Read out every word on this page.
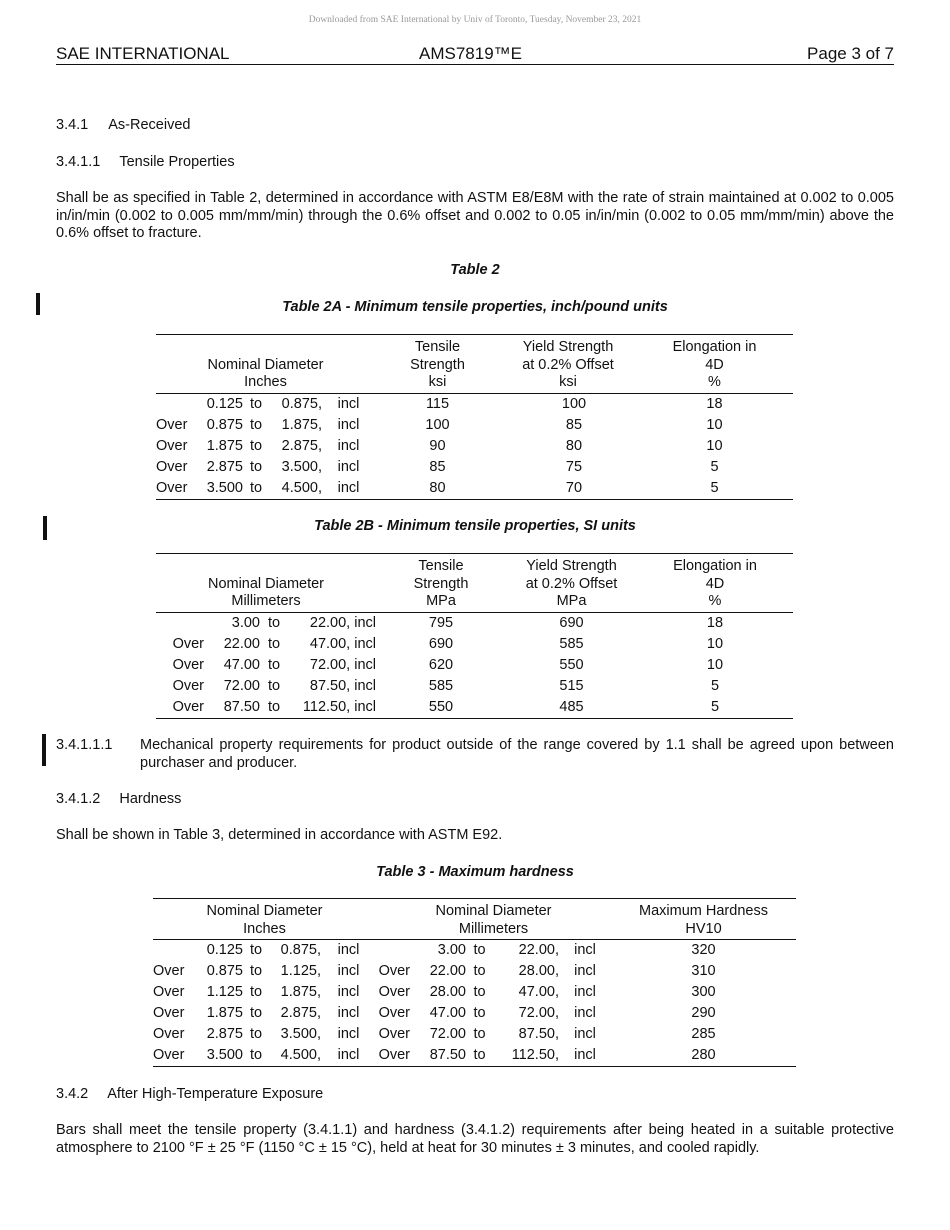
Downloaded from SAE International by Univ of Toronto, Tuesday, November 23, 2021
SAE INTERNATIONAL	AMS7819™E	Page 3 of 7
3.4.1 As-Received
3.4.1.1 Tensile Properties
Shall be as specified in Table 2, determined in accordance with ASTM E8/E8M with the rate of strain maintained at 0.002 to 0.005 in/in/min (0.002 to 0.005 mm/mm/min) through the 0.6% offset and 0.002 to 0.05 in/in/min (0.002 to 0.05 mm/mm/min) above the 0.6% offset to fracture.
Table 2
Table 2A - Minimum tensile properties, inch/pound units
					Tensile	Yield Strength	Elongation in
					Strength	at 0.2% Offset	4D

Nominal Diameter
Inches					ksi	ksi	%
	0.125	to	0.875,	incl	115	100	18
Over	0.875	to	1.875,	incl	100	85	10
Over	1.875	to	2.875,	incl	90	80	10
Over	2.875	to	3.500,	incl	85	75	5
Over	3.500	to	4.500,	incl	80	70	5
Table 2B - Minimum tensile properties, SI units
				Tensile	Yield Strength	Elongation in
				Strength	at 0.2% Offset	4D

Nominal Diameter
Millimeters				MPa	MPa	%
	3.00	to	22.00, incl	795	690	18
Over	22.00	to	47.00, incl	690	585	10
Over	47.00	to	72.00, incl	620	550	10
Over	72.00	to	87.50, incl	585	515	5
Over	87.50	to	112.50, incl	550	485	5
3.4.1.1.1 Mechanical property requirements for product outside of the range covered by 1.1 shall be agreed upon between purchaser and producer.
3.4.1.2 Hardness
Shall be shown in Table 3, determined in accordance with ASTM E92.
Table 3 - Maximum hardness
Nominal Diameter					Nominal Diameter					Maximum Hardness
Inches					Millimeters					HV10
	0.125	to	0.875,	incl		3.00	to	22.00,	incl	320
Over	0.875	to	1.125,	incl	Over	22.00	to	28.00,	incl	310
Over	1.125	to	1.875,	incl	Over	28.00	to	47.00,	incl	300
Over	1.875	to	2.875,	incl	Over	47.00	to	72.00,	incl	290
Over	2.875	to	3.500,	incl	Over	72.00	to	87.50,	incl	285
Over	3.500	to	4.500,	incl	Over	87.50	to	112.50,	incl	280
3.4.2 After High-Temperature Exposure
Bars shall meet the tensile property (3.4.1.1) and hardness (3.4.1.2) requirements after being heated in a suitable protective atmosphere to 2100 °F ± 25 °F (1150 °C ± 15 °C), held at heat for 30 minutes ± 3 minutes, and cooled rapidly.
